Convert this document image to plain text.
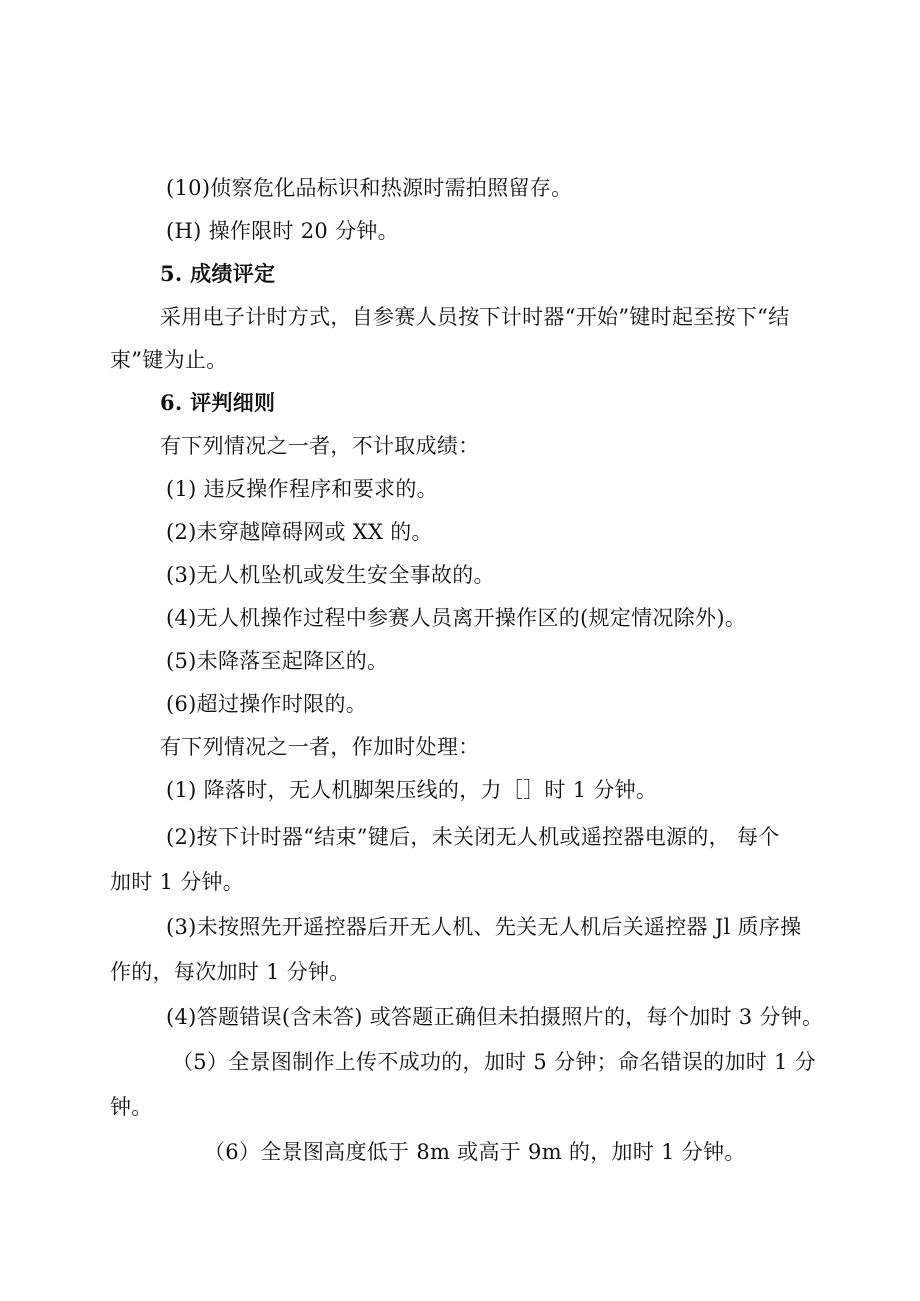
(10)侦察危化品标识和热源时需拍照留存。
(H) 操作限时 20 分钟。
5. 成绩评定
采用电子计时方式，自参赛人员按下计时器“开始”键时起至按下“结
束”键为止。
6. 评判细则
有下列情况之一者，不计取成绩：
(1) 违反操作程序和要求的。
(2)未穿越障碍网或 XX 的。
(3)无人机坠机或发生安全事故的。
(4)无人机操作过程中参赛人员离开操作区的(规定情况除外)。
(5)未降落至起降区的。
(6)超过操作时限的。
有下列情况之一者，作加时处理：
(1) 降落时，无人机脚架压线的，力［］时 1 分钟。
(2)按下计时器“结束”键后，未关闭无人机或遥控器电源的， 每个
加时 1 分钟。
(3)未按照先开遥控器后开无人机、先关无人机后关遥控器 Jl 质序操
作的，每次加时 1 分钟。
(4)答题错误(含未答) 或答题正确但未拍摄照片的，每个加时 3 分钟。
（5）全景图制作上传不成功的，加时 5 分钟；命名错误的加时 1 分
钟。
（6）全景图高度低于 8m 或高于 9m 的，加时 1 分钟。
